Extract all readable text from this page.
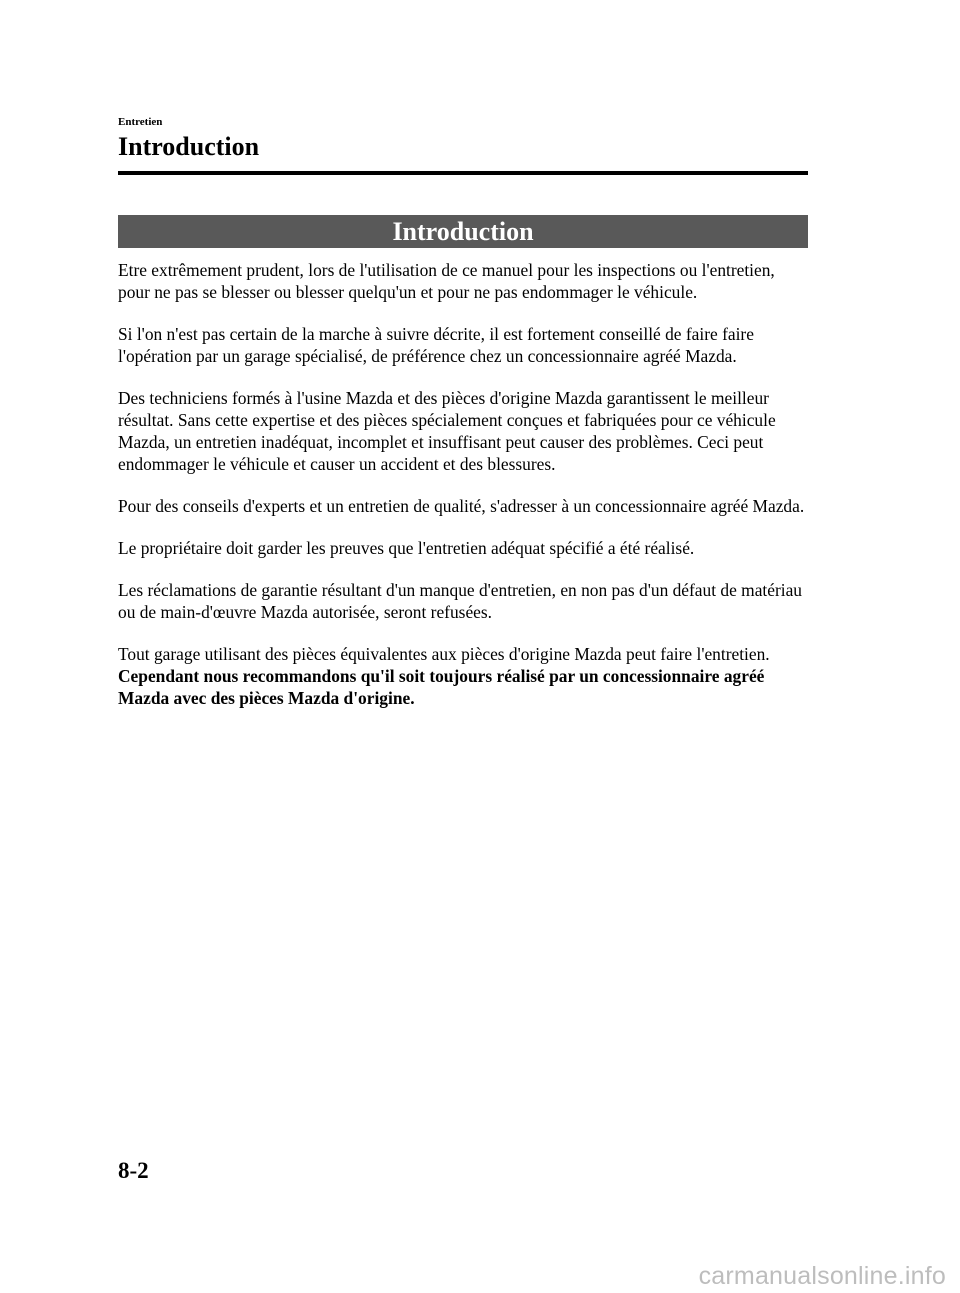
Entretien
Introduction
Introduction

Etre extrêmement prudent, lors de l'utilisation de ce manuel pour les inspections ou l'entretien, pour ne pas se blesser ou blesser quelqu'un et pour ne pas endommager le véhicule.

Si l'on n'est pas certain de la marche à suivre décrite, il est fortement conseillé de faire faire l'opération par un garage spécialisé, de préférence chez un concessionnaire agréé Mazda.

Des techniciens formés à l'usine Mazda et des pièces d'origine Mazda garantissent le meilleur résultat. Sans cette expertise et des pièces spécialement conçues et fabriquées pour ce véhicule Mazda, un entretien inadéquat, incomplet et insuffisant peut causer des problèmes. Ceci peut endommager le véhicule et causer un accident et des blessures.

Pour des conseils d'experts et un entretien de qualité, s'adresser à un concessionnaire agréé Mazda.

Le propriétaire doit garder les preuves que l'entretien adéquat spécifié a été réalisé.

Les réclamations de garantie résultant d'un manque d'entretien, en non pas d'un défaut de matériau ou de main-d'œuvre Mazda autorisée, seront refusées.

Tout garage utilisant des pièces équivalentes aux pièces d'origine Mazda peut faire l'entretien. Cependant nous recommandons qu'il soit toujours réalisé par un concessionnaire agréé Mazda avec des pièces Mazda d'origine.

8-2
carmanualsonline.info
